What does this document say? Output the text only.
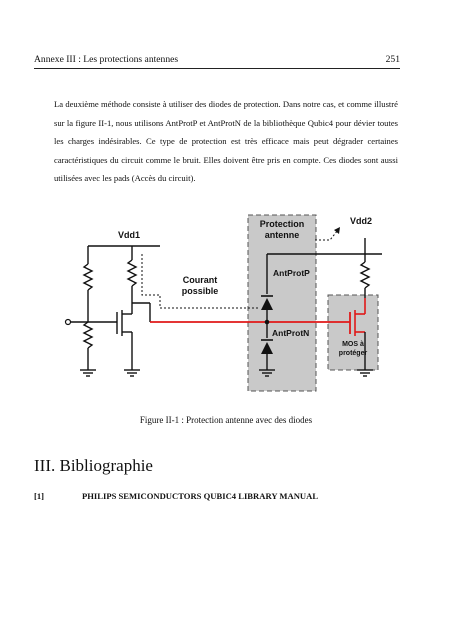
Annexe III : Les protections antennes	251
La deuxième méthode consiste à utiliser des diodes de protection. Dans notre cas, et comme illustré sur la figure II-1, nous utilisons AntProtP et AntProtN de la bibliothèque Qubic4 pour dévier toutes les charges indésirables. Ce type de protection est très efficace mais peut dégrader certaines caractéristiques du circuit comme le bruit. Elles doivent être pris en compte. Ces diodes sont aussi utilisées avec les pads (Accès du circuit).
Vdd1
Vdd2
Protection
antenne
Courant
possible
AntProtP
AntProtN
MOS à
protéger
Figure II-1 : Protection antenne avec des diodes
III. Bibliographie
[1]	PHILIPS SEMICONDUCTORS QUBIC4 LIBRARY MANUAL
